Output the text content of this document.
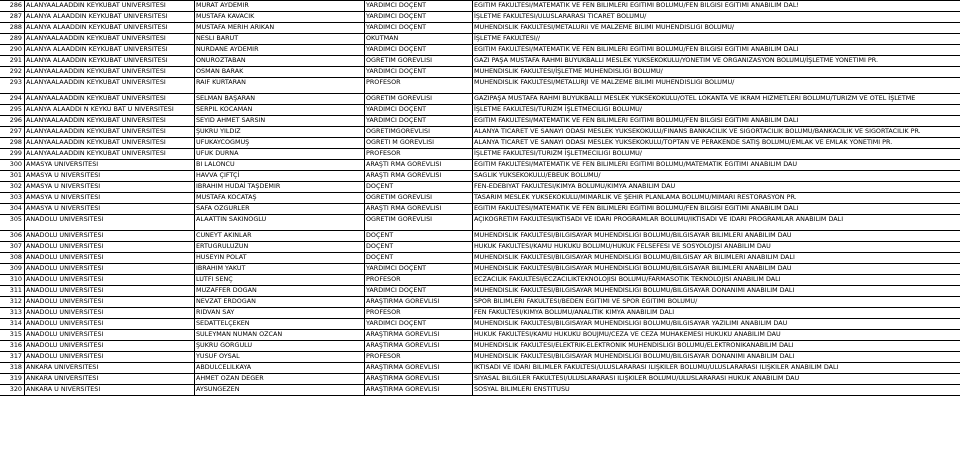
286 ALANYAALAADDIN KEYKUBAT UNIVERSITESI	MURAT AYDEMIR	YARDIMCI DOÇENT	EGITIM FAKULTESI/MATEMATIK VE FEN BILIMLERI EGITIMI BOLUMU/FEN BILGISI EGITIMI ANABILIM DAL!
287 ALANYA ALAADDIN KEYKUBAT UNIVERSITESI	MUSTAFA KAVACIK	YARDIMCI DOÇENT	İŞLETME FAKULTESI/ULUSLARARASI TICARET BOLUMU/
288 ALANYA ALAADDIN KEYKUBAT UNIVERSITESI	MUSTAFA MERIH ARIKAN	YARDIMCI DOÇENT	MUHENDISLIK FAKULTESI/METALURii VE MALZEME BILIMI MUHENDISLIGI BOLUMU/
289 ALANYAALAADDIN KEYKUBAT UNIVERSITESI	NESLI BARUT	OKUTMAN	İŞLETME FAKULTESI//
290 ALANYA ALAADDIN KEYKUBAT UNIVERSITESI	NURDANE AYDEMIR	YARDIMCI DOÇENT	EGITIM FAKULTESI/MATEMATIK VE FEN BILIMLERI EGITIMI BOLUMU/FEN BILGISI EGITIMI ANABILIM DALI
291 ALANYA ALAADDIN KEYKUBAT UNIVERSITESI	ONUROZTABAN	OGRETIM GOREVLISI	GAZI PAŞA MUSTAFA RAHMI BUYUKBALLI MESLEK YUKSEKOKULU/YONETIM VE ORGANIZASYON BOLUMU/İŞLETME YONETIMI PR.
292 ALANYAALAADDIN KEYKUBAT UNIVERSITESI	OSMAN BARAK	YARDIMCI DOÇENT	MUHENDISLIK FAKULTESI/İŞLETME MUHENDISLIGI BOLUMU/
293 ALANYAALAADDIN KEYKUBAT UNIVERSITESI	RAIF KURTARAN	PROFESOR	MUHENDISLIK FAKULTESI/METALURJI VE MALZEME BILIMI MUHENDISLIGI BOLUMU/
294 ALANYAALAADDIN KEYKUBAT UNIVERSITESI	SELMAN BAŞARAN	OGRETIM GOREVLISI	GAZIPAŞA MUSTAFA RAHMI BUYUKBALLI MESLEK YUKSEKOKULU/OTEL LOKANTA VE IKRAM HIZMETLERI BOLUMU/TURIZM VE OTEL İŞLETME
295 ALANYA ALAADDI N KEYKU BAT U NIVERSITESI	SERPIL KOCAMAN	YARDIMCI DOÇENT	İŞLETME FAKULTESI/TURIZM İŞLETMECILIGI BOLUMU/
296 ALANYAALAADDIN KEYKUBAT UNIVERSITESI	SEYID AHMET SARSIN	YARDIMCI DOÇENT	EGITIM FAKULTESI/MATEMATIK VE FEN BILIMLERI EGITIMI BOLUMU/FEN BILGISI EGITIMI ANABILIM DALI
297 ALANYAALAADDIN KEYKUBAT UNIVERSITESI	ŞUKRU YILDIZ	OGRETIMGOREVLISI	ALANYA TICARET VE SANAYI ODASI MESLEK YUKSEKOKULU/FINANS BANKACILIK VE SIGORTACILIK BOLUMU/BANKACILIK VE SIGORTACILIK PR.
298 ALANYAALAADDIN KEYKUBAT UNIVERSITESI	UFUKAYCOGMUŞ	OGRETI M GOREVLISI	ALANYA TICARET VE SANAYI ODASI MESLEK YUKSEKOKULU/TOPTAN VE PERAKENDE SATIŞ BOLUMU/EMLAK VE EMLAK YONETIMI PR.
299 ALANYAALAADDIN KEYKUBAT UNIVERSITESI	UFUK DURNA	PROFESOR	İŞLETME FAKULTESI/TURIZM İŞLETMECILIGI BOLUMU/
300 AMASYA UNIVERSITESI	BI LALONCU	ARAŞTI RMA GOREVLISI	EGITIM FAKULTESI/MATEMATIK VE FEN BILIMLERI EGITIMI BOLUMU/MATEMATIK EGITIMI ANABILIM DAU
301 AMASYA U NIVERSITESI	HAVVA ÇIFTÇİ	ARAŞTI RMA GOREVLISI	SAGLIK YUKSEKOKULU/EBEUK BOLUMU/
302 AMASYA U NIVERSITESI	IBRAHIM HUDAİ TAŞDEMIR	DOÇENT	FEN-EDEBIYAT FAKULTESI/KIMYA BOLUMU/KIMYA ANABILIM DAU
303 AMASYA U NIVERSITESI	MUSTAFA KOCATAŞ	OGRETIM GOREVLISI	TASARIM MESLEK YUKSEKOKULU/MIMARLIK VE ŞEHIR PLANLAMA BOLUMU/MIMARI RESTORASYON PR.
304 AMASYA U NIVERSITESI	SAFA OZGURLER	ARAŞTI RMA GOREVLISI	EGITIM FAKULTESI/MATEMATIK VE FEN BILIMLERI EGITIMI BOLUMU/FEN BILGISI EGITIMI ANABILIM DALI
305 ANADOLU UNIVERSITESI	ALAATTIN SAKINOGLU	OGRETIM GOREVLISI	AÇIKOGRETIM FAKULTESI/IKTISADI VE IDARI PROGRAMLAR BOLUMU/IKTISADI VE IDARI PROGRAMLAR ANABILIM DALI
306 ANADOLU UNIVERSITESI	CUNEYT AKINLAR	DOÇENT	MUHENDISLIK FAKULTESI/BILGISAYAR MUHENDISLIGI BOLUMU/BILGISAYAR BILIMLERI ANABILIM DAU
307 ANADOLU UNIVERSITESI	ERTUGRULUZUN	DOÇENT	HUKUK FAKULTESI/KAMU HUKUKU BOLUMU/HUKUK FELSEFESI VE SOSYOLOJISI ANABILIM DAU
308 ANADOLU UNIVERSITESI	HUSEYIN POLAT	DOÇENT	MUHENDISLIK FAKULTESI/BILGISAYAR MUHENDISLIGI BOLUMU/BILGISAY AR BILIMLERI ANABILIM DALI
309 ANADOLU UNIVERSITESI	IBRAHIM YAKUT	YARDIMCI DOÇENT	MUHENDISLIK FAKULTESI/BILGISAYAR MUHENDISLIGI BOLUMU/BILGISAYAR BILIMLERI ANABILIM DAU
310 ANADOLU UNIVERSITESI	LUTFI SENÇ	PROFESOR	ECZACILIK FAKULTESI/ECZACILIKTEKNOLOJISI BOLUMU/FARMASOTIK TEKNOLOJISI ANABILIM DALI
311 ANADOLU UNIVERSITESI	MUZAFFER DOGAN	YARDIMCI DOÇENT	MUHENDISLIK FAKULTESI/BILGISAYAR MUHENDISLIGI BOLUMU/BILGISAYAR DONANIMI ANABILIM DALI
312 ANADOLU UNIVERSITESI	NEVZAT ERDOGAN	ARAŞTIRMA GOREVLISI	SPOR BILIMLERI FAKULTESI/BEDEN EGITIMI VE SPOR EGITIMI BOLUMU/
313 ANADOLU UNIVERSITESI	RIDVAN SAY	PROFESOR	FEN FAKULTESI/KIMYA BOLUMU/ANALITIK KIMYA ANABILIM DALI
314 ANADOLU UNIVERSITESI	SEDATTELÇEKEN	YARDIMCI DOÇENT	MUHENDISLIK FAKULTESI/BILGISAYAR MUHENDISLIGI BOLUMU/BILGISAYAR YAZILIMI ANABILIM DAU
315 ANADOLU UNIVERSITESI	SULEYMAN NUMAN OZCAN	ARAŞTIRMA GOREVLISI	HUKUK FAKULTESI/KAMU HUKUKU BOUJMU/CEZA VE CEZA MUHAKEMESI HUKUKU ANABILIM DAU
316 ANADOLU UNIVERSITESI	ŞUKRU GORGULU	ARAŞTIRMA GOREVLISI	MUHENDISLIK FAKULTESI/ELEKTRIK-ELEKTRONIK MUHENDISLIGI BOLUMU/ELEKTRONIKANABILIM DALI
317 ANADOLU UNIVERSITESI	YUSUF OYSAL	PROFESOR	MUHENDISLIK FAKULTESI/BILGISAYAR MUHENDISLIGI BOLUMU/BILGISAYAR DONANIMI ANABILIM DALI
318 ANKARA UNIVERSITESI	ABDULCELILKAYA	ARAŞTIRMA GOREVLISI	IKTISADI VE IDARI BILIMLER FAKULTESI/ULUSLARARASI ILIŞKILER BOLUMU/ULUSLARARASI ILIŞKILER ANABILIM DALI
319 ANKARA UNIVERSITESI	AHMET OZAN DEGER	ARAŞTIRMA GOREVLISI	SIYASAL BILGILER FAKULTESI/ULUSLARARASI ILIŞKILER BOLUMU/ULUSLARARASI HUKUK ANABILIM DAU
320 ANKARA U NIVERSITESI	AYSUNGEZEN	ARAŞTIRMA GOREVLISI	SOSYAL BILIMLERI ENSTITUSU
